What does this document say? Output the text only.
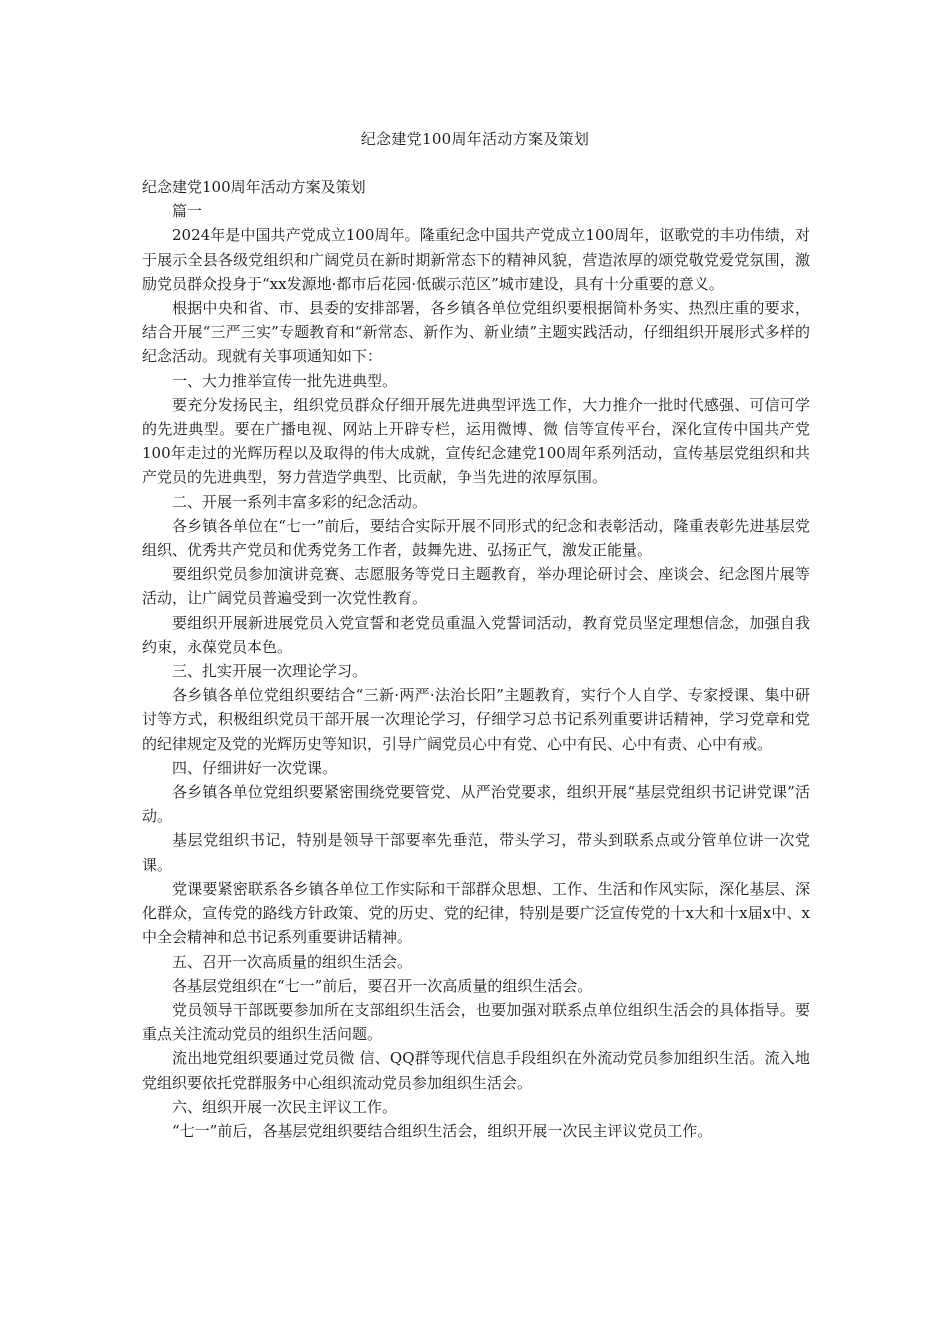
纪念建党100周年活动方案及策划

纪念建党100周年活动方案及策划

篇一

2024年是中国共产党成立100周年。隆重纪念中国共产党成立100周年，讴歌党的丰功伟绩，对于展示全县各级党组织和广阔党员在新时期新常态下的精神风貌，营造浓厚的颂党敬党爱党氛围，激励党员群众投身于“xx发源地·都市后花园·低碳示范区”城市建设，具有十分重要的意义。

根据中央和省、市、县委的安排部署，各乡镇各单位党组织要根据简朴务实、热烈庄重的要求，结合开展“三严三实”专题教育和“新常态、新作为、新业绩”主题实践活动，仔细组织开展形式多样的纪念活动。现就有关事项通知如下：

一、大力推举宣传一批先进典型。

要充分发扬民主，组织党员群众仔细开展先进典型评选工作，大力推介一批时代感强、可信可学的先进典型。要在广播电视、网站上开辟专栏，运用微博、微 信等宣传平台，深化宣传中国共产党100年走过的光辉历程以及取得的伟大成就，宣传纪念建党100周年系列活动，宣传基层党组织和共产党员的先进典型，努力营造学典型、比贡献，争当先进的浓厚氛围。

二、开展一系列丰富多彩的纪念活动。

各乡镇各单位在“七一”前后，要结合实际开展不同形式的纪念和表彰活动，隆重表彰先进基层党组织、优秀共产党员和优秀党务工作者，鼓舞先进、弘扬正气，激发正能量。

要组织党员参加演讲竞赛、志愿服务等党日主题教育，举办理论研讨会、座谈会、纪念图片展等活动，让广阔党员普遍受到一次党性教育。

要组织开展新进展党员入党宣誓和老党员重温入党誓词活动，教育党员坚定理想信念，加强自我约束，永葆党员本色。

三、扎实开展一次理论学习。

各乡镇各单位党组织要结合“三新·两严·法治长阳”主题教育，实行个人自学、专家授课、集中研讨等方式，积极组织党员干部开展一次理论学习，仔细学习总书记系列重要讲话精神，学习党章和党的纪律规定及党的光辉历史等知识，引导广阔党员心中有党、心中有民、心中有责、心中有戒。

四、仔细讲好一次党课。

各乡镇各单位党组织要紧密围绕党要管党、从严治党要求，组织开展“基层党组织书记讲党课”活动。

基层党组织书记，特别是领导干部要率先垂范，带头学习，带头到联系点或分管单位讲一次党课。

党课要紧密联系各乡镇各单位工作实际和干部群众思想、工作、生活和作风实际，深化基层、深化群众，宣传党的路线方针政策、党的历史、党的纪律，特别是要广泛宣传党的十x大和十x届x中、x中全会精神和总书记系列重要讲话精神。

五、召开一次高质量的组织生活会。

各基层党组织在“七一”前后，要召开一次高质量的组织生活会。

党员领导干部既要参加所在支部组织生活会，也要加强对联系点单位组织生活会的具体指导。要重点关注流动党员的组织生活问题。

流出地党组织要通过党员微 信、QQ群等现代信息手段组织在外流动党员参加组织生活。流入地党组织要依托党群服务中心组织流动党员参加组织生活会。

六、组织开展一次民主评议工作。

“七一”前后，各基层党组织要结合组织生活会，组织开展一次民主评议党员工作。
